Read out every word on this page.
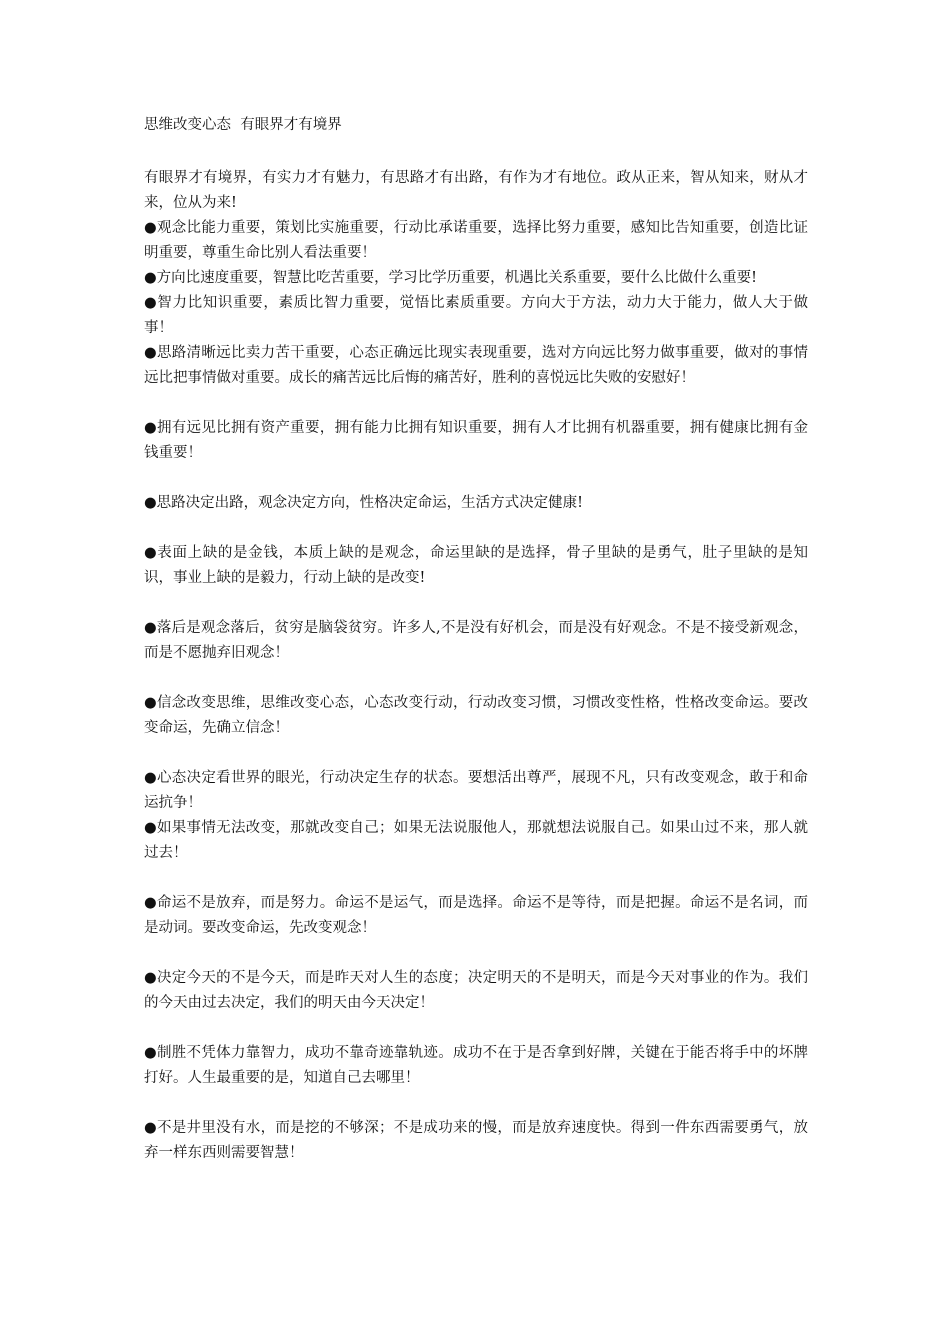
思维改变心态  有眼界才有境界

有眼界才有境界，有实力才有魅力，有思路才有出路，有作为才有地位。政从正来，智从知来，财从才来，位从为来!

●观念比能力重要，策划比实施重要，行动比承诺重要，选择比努力重要，感知比告知重要，创造比证明重要，尊重生命比别人看法重要！

●方向比速度重要，智慧比吃苦重要，学习比学历重要，机遇比关系重要，要什么比做什么重要!

●智力比知识重要，素质比智力重要，觉悟比素质重要。方向大于方法，动力大于能力，做人大于做事！

●思路清晰远比卖力苦干重要，心态正确远比现实表现重要，选对方向远比努力做事重要，做对的事情远比把事情做对重要。成长的痛苦远比后悔的痛苦好，胜利的喜悦远比失败的安慰好！

●拥有远见比拥有资产重要，拥有能力比拥有知识重要，拥有人才比拥有机器重要，拥有健康比拥有金钱重要！

●思路决定出路，观念决定方向，性格决定命运，生活方式决定健康!

●表面上缺的是金钱，本质上缺的是观念，命运里缺的是选择，骨子里缺的是勇气，肚子里缺的是知识，事业上缺的是毅力，行动上缺的是改变!

●落后是观念落后，贫穷是脑袋贫穷。许多人,不是没有好机会，而是没有好观念。不是不接受新观念，而是不愿抛弃旧观念！

●信念改变思维，思维改变心态，心态改变行动，行动改变习惯，习惯改变性格，性格改变命运。要改变命运，先确立信念！

●心态决定看世界的眼光，行动决定生存的状态。要想活出尊严，展现不凡，只有改变观念，敢于和命运抗争！

●如果事情无法改变，那就改变自己；如果无法说服他人，那就想法说服自己。如果山过不来，那人就过去！

●命运不是放弃，而是努力。命运不是运气，而是选择。命运不是等待，而是把握。命运不是名词，而是动词。要改变命运，先改变观念！

●决定今天的不是今天，而是昨天对人生的态度；决定明天的不是明天，而是今天对事业的作为。我们的今天由过去决定，我们的明天由今天决定！

●制胜不凭体力靠智力，成功不靠奇迹靠轨迹。成功不在于是否拿到好牌，关键在于能否将手中的坏牌打好。人生最重要的是，知道自己去哪里！

●不是井里没有水，而是挖的不够深；不是成功来的慢，而是放弃速度快。得到一件东西需要勇气，放弃一样东西则需要智慧！
